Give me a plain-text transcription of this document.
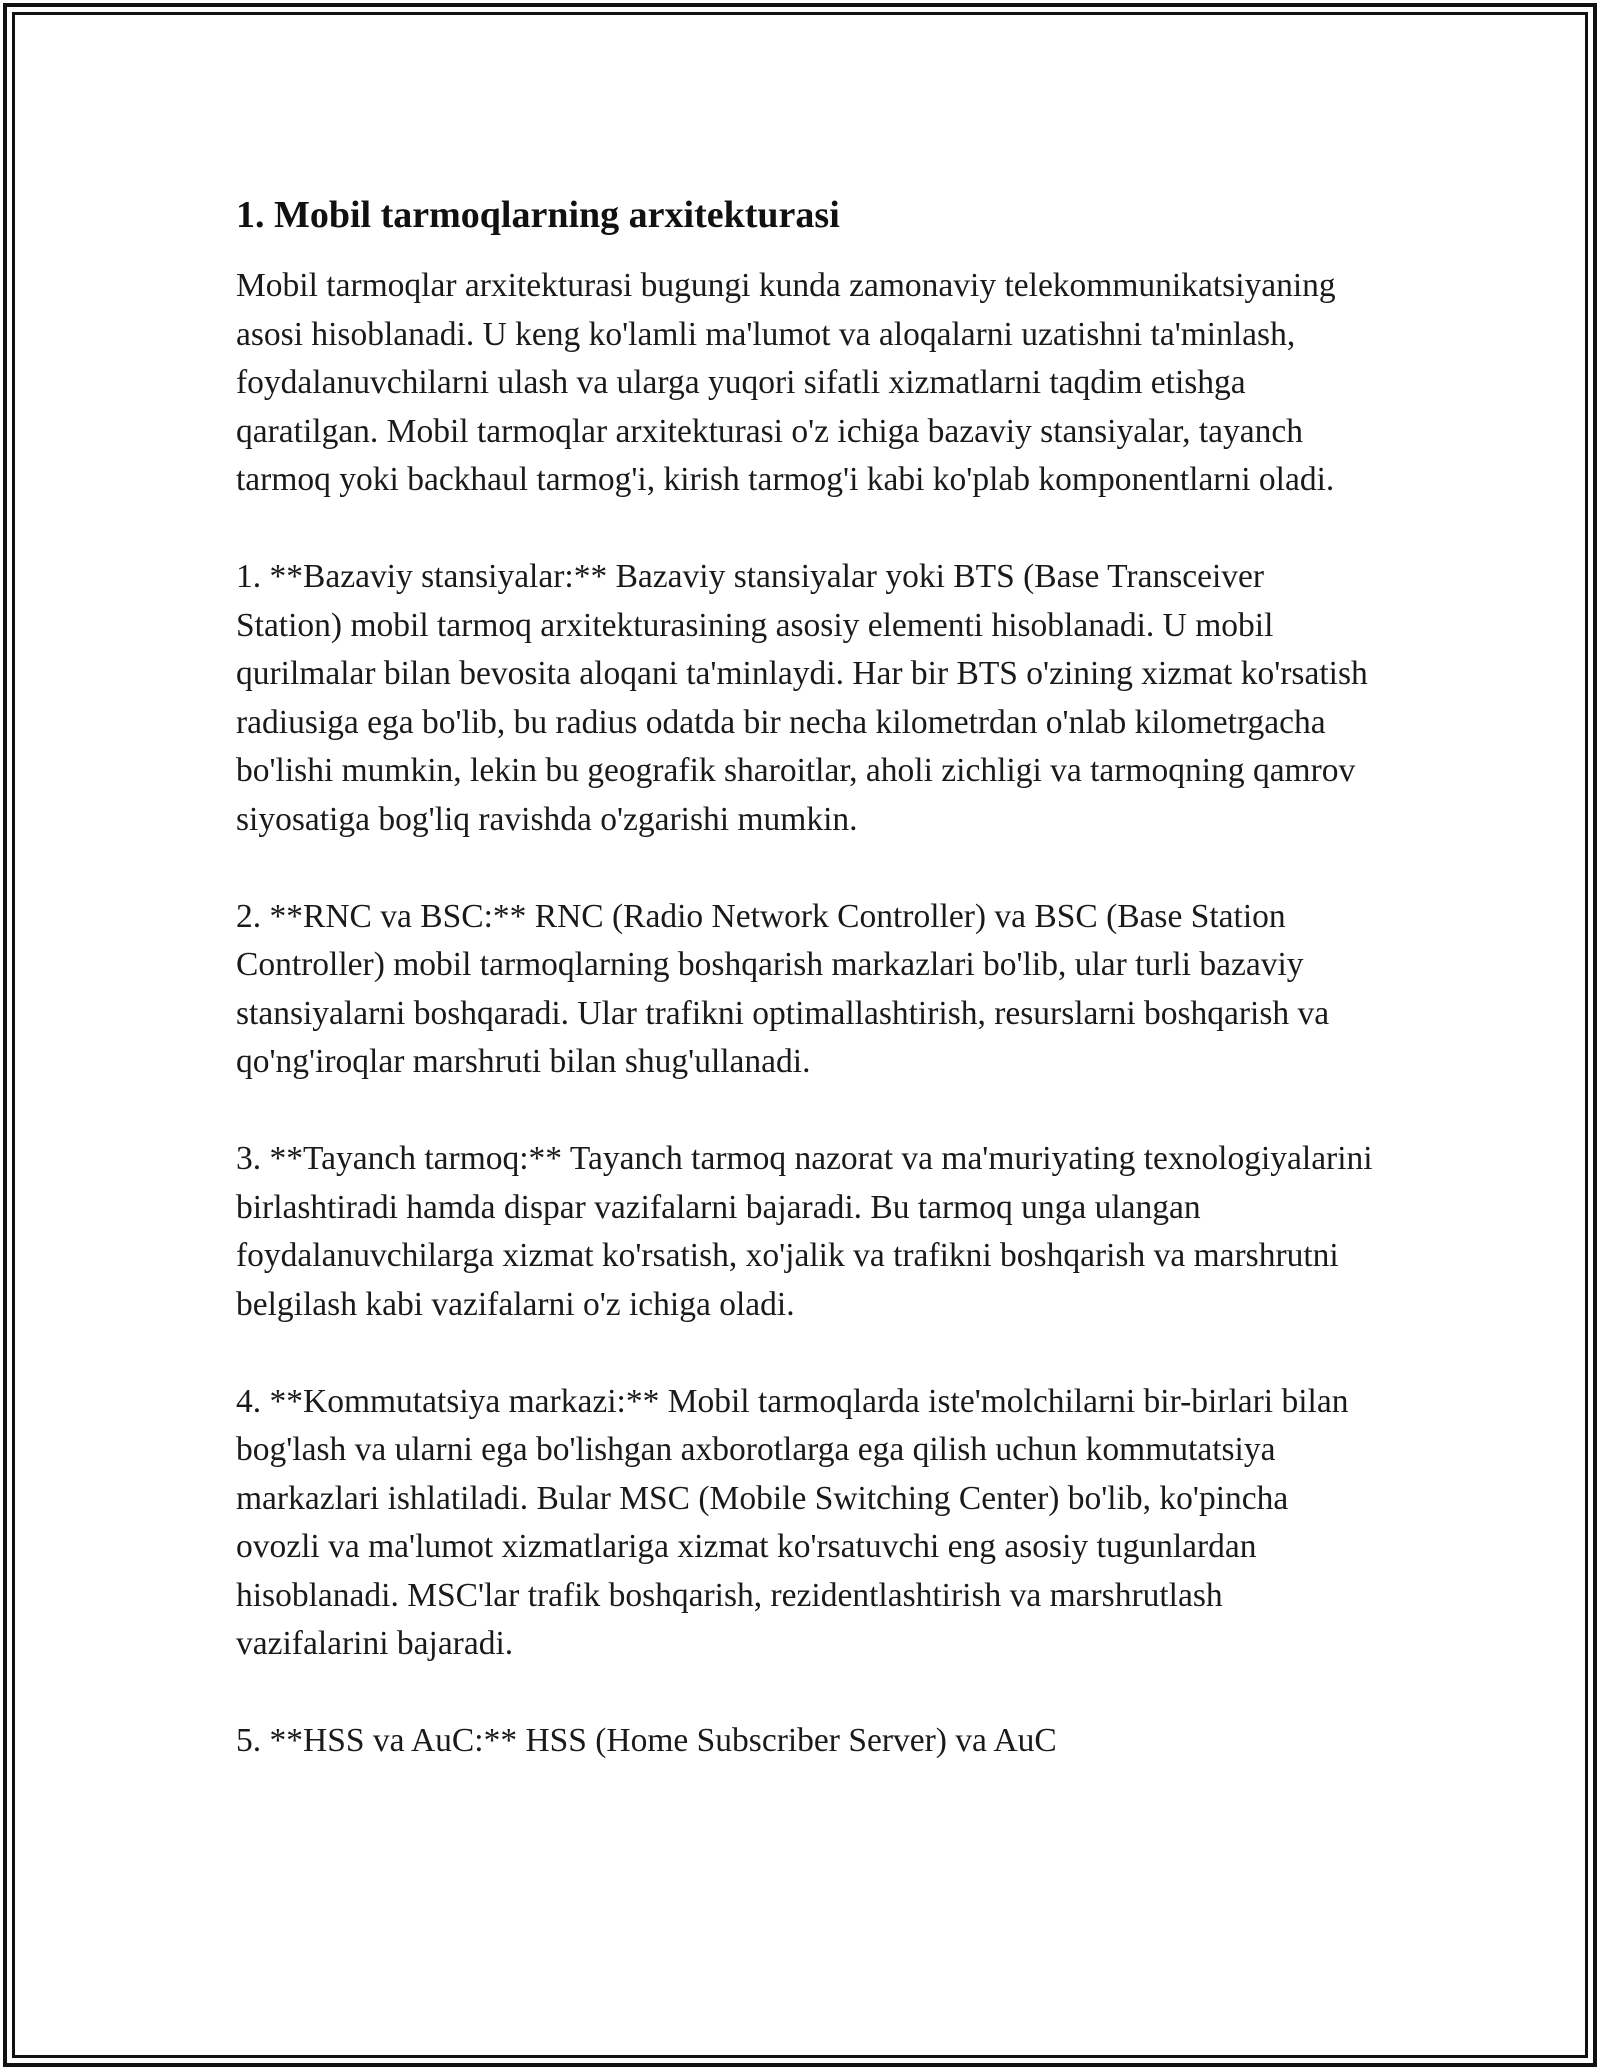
1. Mobil tarmoqlarning arxitekturasi

Mobil tarmoqlar arxitekturasi bugungi kunda zamonaviy telekommunikatsiyaning asosi hisoblanadi. U keng ko'lamli ma'lumot va aloqalarni uzatishni ta'minlash, foydalanuvchilarni ulash va ularga yuqori sifatli xizmatlarni taqdim etishga qaratilgan. Mobil tarmoqlar arxitekturasi o'z ichiga bazaviy stansiyalar, tayanch tarmoq yoki backhaul tarmog'i, kirish tarmog'i kabi ko'plab komponentlarni oladi.

1. **Bazaviy stansiyalar:** Bazaviy stansiyalar yoki BTS (Base Transceiver Station) mobil tarmoq arxitekturasining asosiy elementi hisoblanadi. U mobil qurilmalar bilan bevosita aloqani ta'minlaydi. Har bir BTS o'zining xizmat ko'rsatish radiusiga ega bo'lib, bu radius odatda bir necha kilometrdan o'nlab kilometrgacha bo'lishi mumkin, lekin bu geografik sharoitlar, aholi zichligi va tarmoqning qamrov siyosatiga bog'liq ravishda o'zgarishi mumkin.

2. **RNC va BSC:** RNC (Radio Network Controller) va BSC (Base Station Controller) mobil tarmoqlarning boshqarish markazlari bo'lib, ular turli bazaviy stansiyalarni boshqaradi. Ular trafikni optimallashtirish, resurslarni boshqarish va qo'ng'iroqlar marshruti bilan shug'ullanadi.

3. **Tayanch tarmoq:** Tayanch tarmoq nazorat va ma'muriyating texnologiyalarini birlashtiradi hamda dispar vazifalarni bajaradi. Bu tarmoq unga ulangan foydalanuvchilarga xizmat ko'rsatish, xo'jalik va trafikni boshqarish va marshrutni belgilash kabi vazifalarni o'z ichiga oladi.

4. **Kommutatsiya markazi:** Mobil tarmoqlarda iste'molchilarni bir-birlari bilan bog'lash va ularni ega bo'lishgan axborotlarga ega qilish uchun kommutatsiya markazlari ishlatiladi. Bular MSC (Mobile Switching Center) bo'lib, ko'pincha ovozli va ma'lumot xizmatlariga xizmat ko'rsatuvchi eng asosiy tugunlardan hisoblanadi. MSC'lar trafik boshqarish, rezidentlashtirish va marshrutlash vazifalarini bajaradi.

5. **HSS va AuC:** HSS (Home Subscriber Server) va AuC
